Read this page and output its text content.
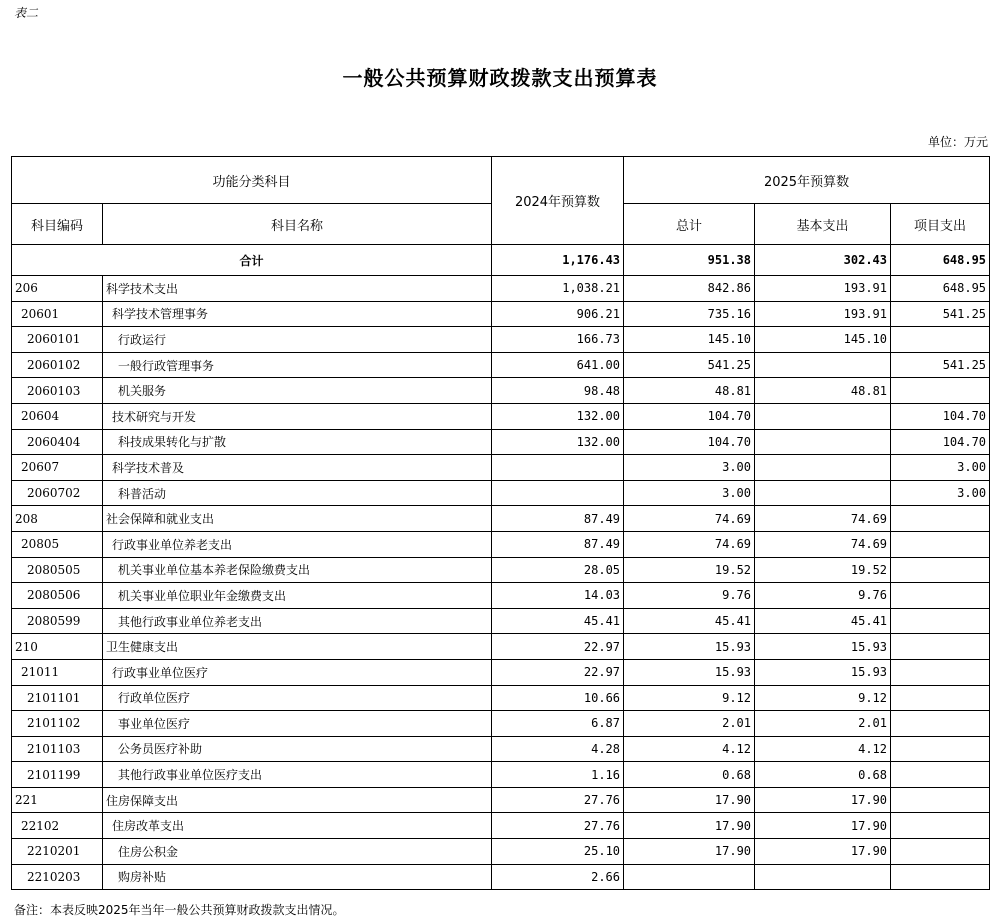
表二
一般公共预算财政拨款支出预算表
单位：万元
功能分类科目		2024年预算数	2025年预算数		
科目编码	科目名称		总计	基本支出	项目支出
合计		1,176.43	951.38	302.43	648.95
206	科学技术支出	1,038.21	842.86	193.91	648.95
20601	科学技术管理事务	906.21	735.16	193.91	541.25
2060101	行政运行	166.73	145.10	145.10	
2060102	一般行政管理事务	641.00	541.25		541.25
2060103	机关服务	98.48	48.81	48.81	
20604	技术研究与开发	132.00	104.70		104.70
2060404	科技成果转化与扩散	132.00	104.70		104.70
20607	科学技术普及		3.00		3.00
2060702	科普活动		3.00		3.00
208	社会保障和就业支出	87.49	74.69	74.69	
20805	行政事业单位养老支出	87.49	74.69	74.69	
2080505	机关事业单位基本养老保险缴费支出	28.05	19.52	19.52	
2080506	机关事业单位职业年金缴费支出	14.03	9.76	9.76	
2080599	其他行政事业单位养老支出	45.41	45.41	45.41	
210	卫生健康支出	22.97	15.93	15.93	
21011	行政事业单位医疗	22.97	15.93	15.93	
2101101	行政单位医疗	10.66	9.12	9.12	
2101102	事业单位医疗	6.87	2.01	2.01	
2101103	公务员医疗补助	4.28	4.12	4.12	
2101199	其他行政事业单位医疗支出	1.16	0.68	0.68	
221	住房保障支出	27.76	17.90	17.90	
22102	住房改革支出	27.76	17.90	17.90	
2210201	住房公积金	25.10	17.90	17.90	
2210203	购房补贴	2.66			
备注：本表反映2025年当年一般公共预算财政拨款支出情况。
